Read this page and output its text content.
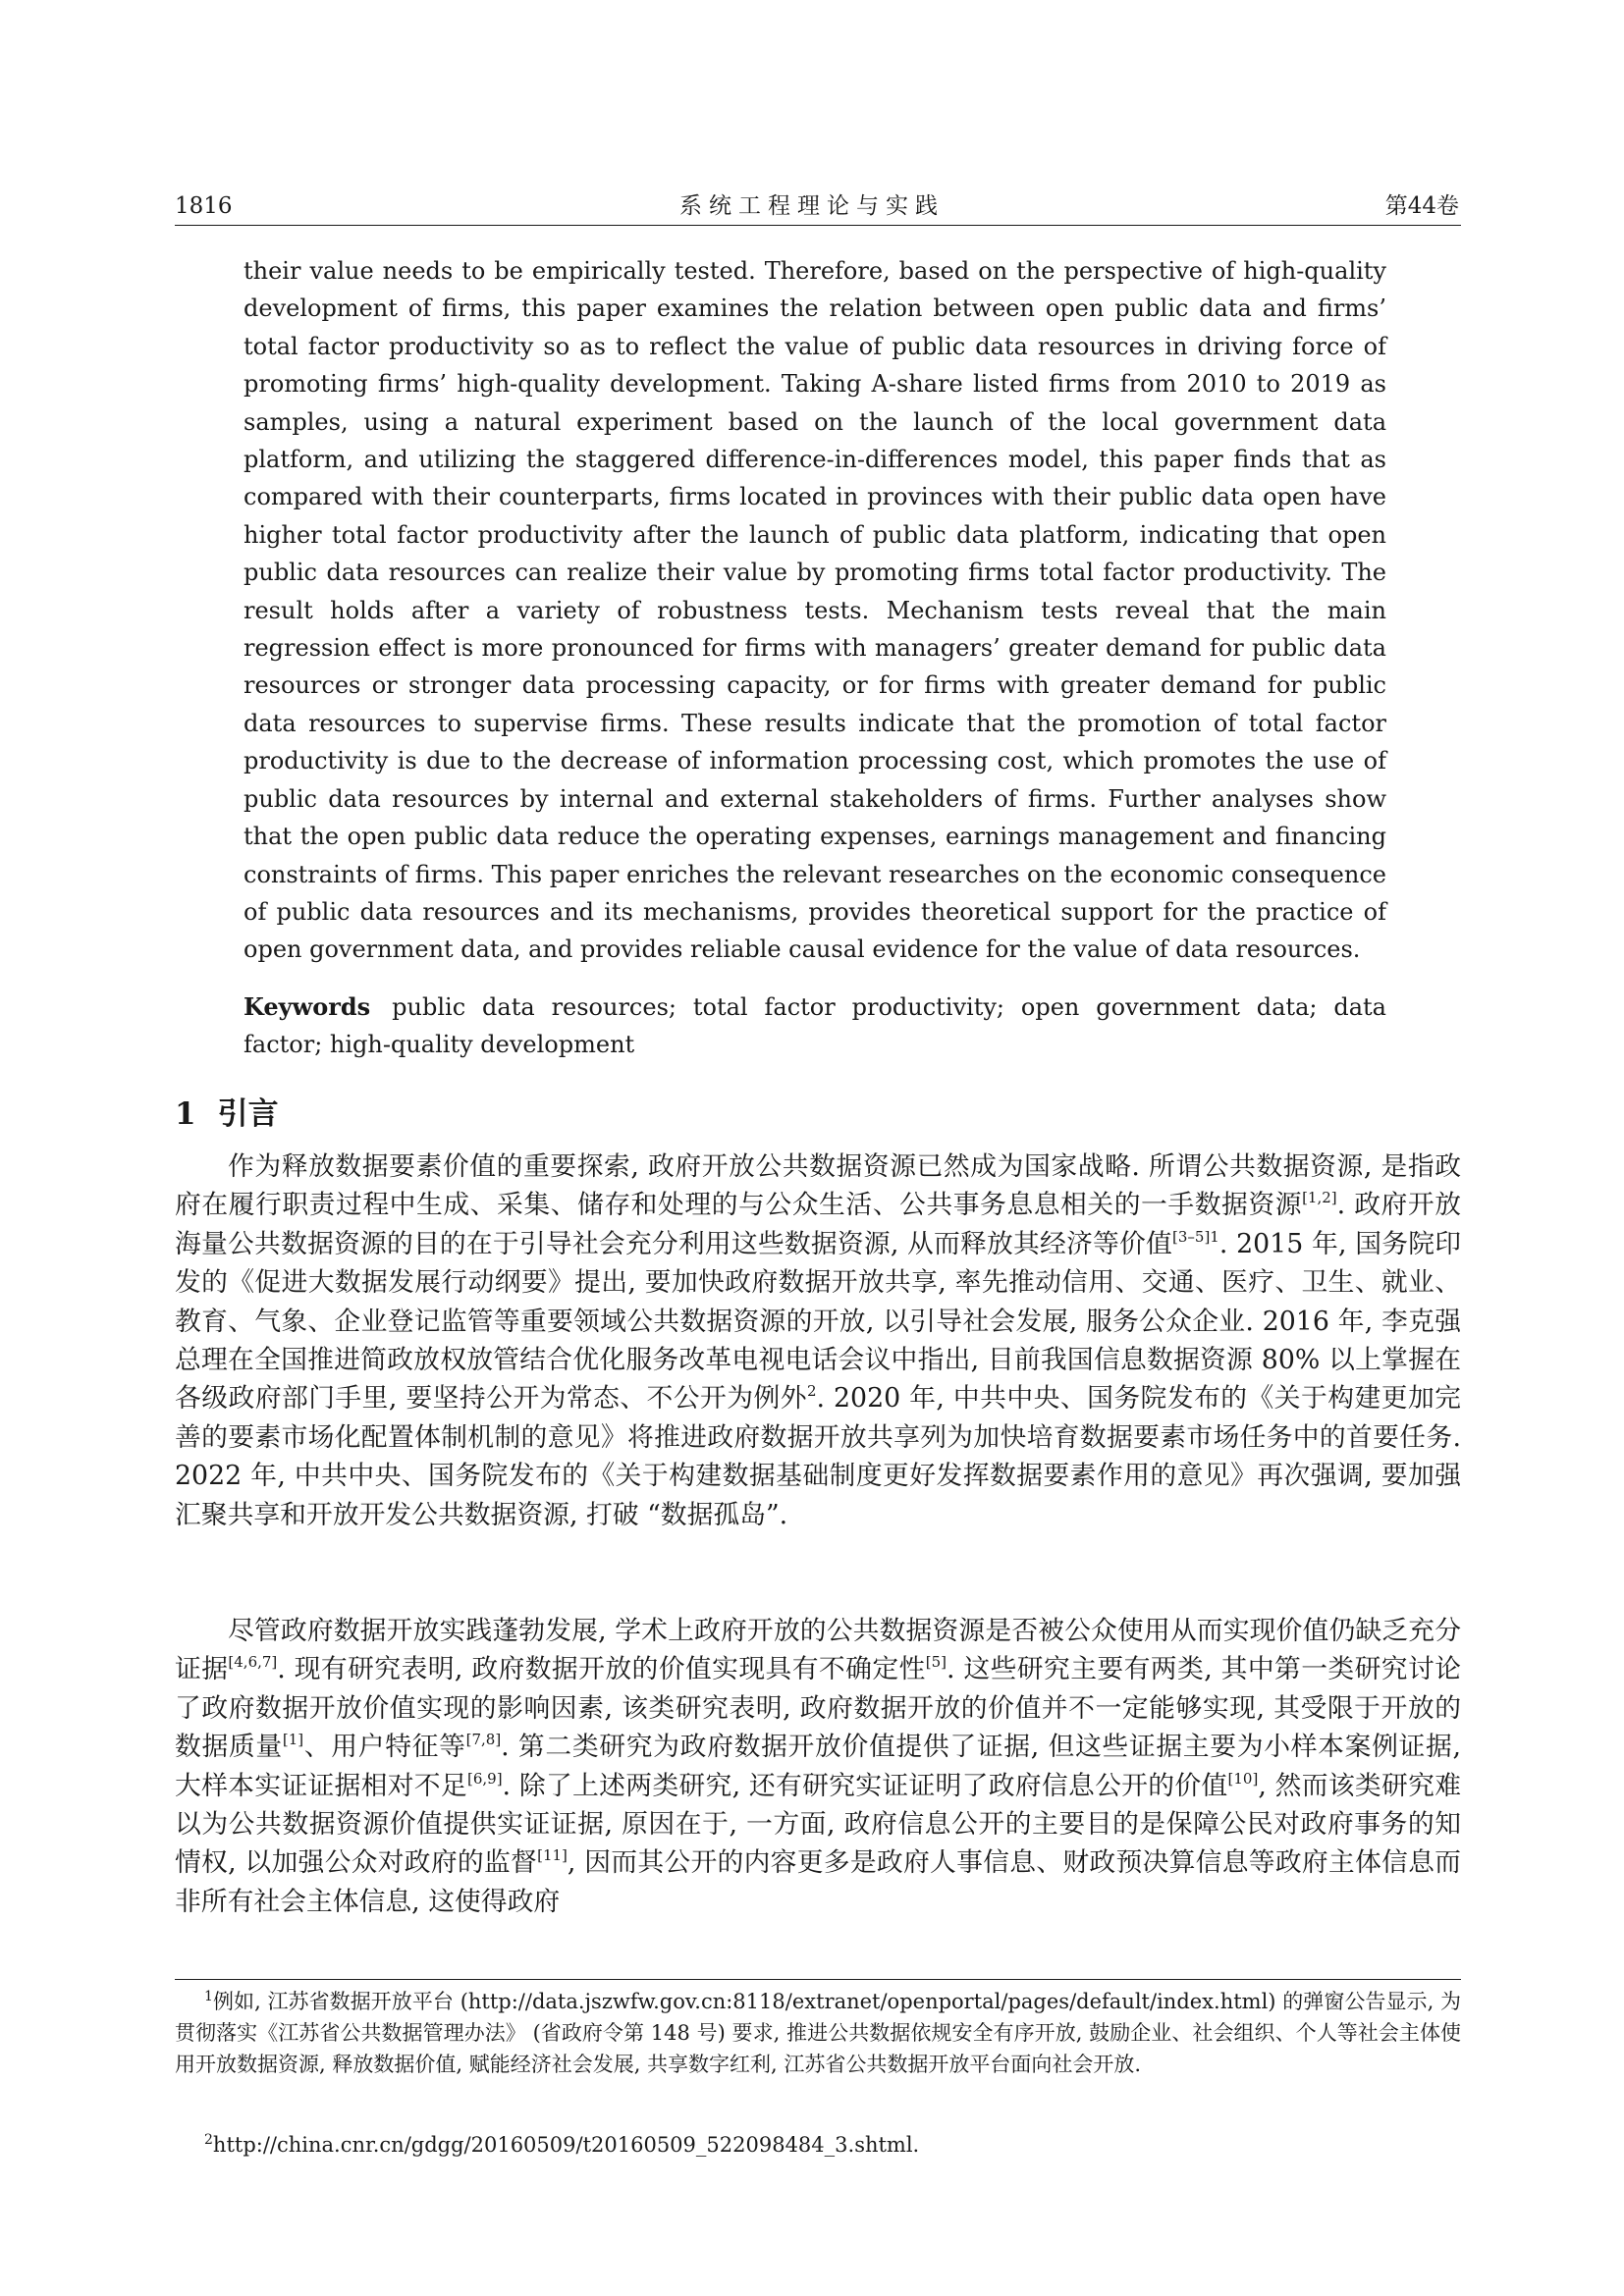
1816	系统工程理论与实践	第44卷

their value needs to be empirically tested. Therefore, based on the perspective of high-quality development of firms, this paper examines the relation between open public data and firms’ total factor productivity so as to reflect the value of public data resources in driving force of promoting firms’ high-quality development. Taking A-share listed firms from 2010 to 2019 as samples, using a natural experiment based on the launch of the local government data platform, and utilizing the staggered difference-in-differences model, this paper finds that as compared with their counterparts, firms located in provinces with their public data open have higher total factor productivity after the launch of public data platform, indicating that open public data resources can realize their value by promoting firms total factor productivity. The result holds after a variety of robustness tests. Mechanism tests reveal that the main regression effect is more pronounced for firms with managers’ greater demand for public data resources or stronger data processing capacity, or for firms with greater demand for public data resources to supervise firms. These results indicate that the promotion of total factor productivity is due to the decrease of information processing cost, which promotes the use of public data resources by internal and external stakeholders of firms. Further analyses show that the open public data reduce the operating expenses, earnings management and financing constraints of firms. This paper enriches the relevant researches on the economic consequence of public data resources and its mechanisms, provides theoretical support for the practice of open government data, and provides reliable causal evidence for the value of data resources.

Keywords public data resources; total factor productivity; open government data; data factor; high-quality development

1 引言

作为释放数据要素价值的重要探索, 政府开放公共数据资源已然成为国家战略. 所谓公共数据资源, 是指政府在履行职责过程中生成、采集、储存和处理的与公众生活、公共事务息息相关的一手数据资源[1,2]. 政府开放海量公共数据资源的目的在于引导社会充分利用这些数据资源, 从而释放其经济等价值$^{[3-5]1}$. 2015 年, 国务院印发的《促进大数据发展行动纲要》提出, 要加快政府数据开放共享, 率先推动信用、交通、医疗、卫生、就业、教育、气象、企业登记监管等重要领域公共数据资源的开放, 以引导社会发展, 服务公众企业. 2016 年, 李克强总理在全国推进简政放权放管结合优化服务改革电视电话会议中指出, 目前我国信息数据资源 80% 以上掌握在各级政府部门手里, 要坚持公开为常态、不公开为例外$^2$. 2020 年, 中共中央、国务院发布的《关于构建更加完善的要素市场化配置体制机制的意见》将推进政府数据开放共享列为加快培育数据要素市场任务中的首要任务. 2022 年, 中共中央、国务院发布的《关于构建数据基础制度更好发挥数据要素作用的意见》再次强调, 要加强汇聚共享和开放开发公共数据资源, 打破 “数据孤岛”.

尽管政府数据开放实践蓬勃发展, 学术上政府开放的公共数据资源是否被公众使用从而实现价值仍缺乏充分证据[4,6,7]. 现有研究表明, 政府数据开放的价值实现具有不确定性[5]. 这些研究主要有两类, 其中第一类研究讨论了政府数据开放价值实现的影响因素, 该类研究表明, 政府数据开放的价值并不一定能够实现, 其受限于开放的数据质量[1]、用户特征等[7,8]. 第二类研究为政府数据开放价值提供了证据, 但这些证据主要为小样本案例证据, 大样本实证证据相对不足[6,9]. 除了上述两类研究, 还有研究实证证明了政府信息公开的价值[10], 然而该类研究难以为公共数据资源价值提供实证证据, 原因在于, 一方面, 政府信息公开的主要目的是保障公民对政府事务的知情权, 以加强公众对政府的监督[11], 因而其公开的内容更多是政府人事信息、财政预决算信息等政府主体信息而非所有社会主体信息, 这使得政府

$^1$例如, 江苏省数据开放平台 (http://data.jszwfw.gov.cn:8118/extranet/openportal/pages/default/index.html) 的弹窗公告显示, 为贯彻落实《江苏省公共数据管理办法》 (省政府令第 148 号) 要求, 推进公共数据依规安全有序开放, 鼓励企业、社会组织、个人等社会主体使用开放数据资源, 释放数据价值, 赋能经济社会发展, 共享数字红利, 江苏省公共数据开放平台面向社会开放.

$^2$http://china.cnr.cn/gdgg/20160509/t20160509_522098484_3.shtml.
